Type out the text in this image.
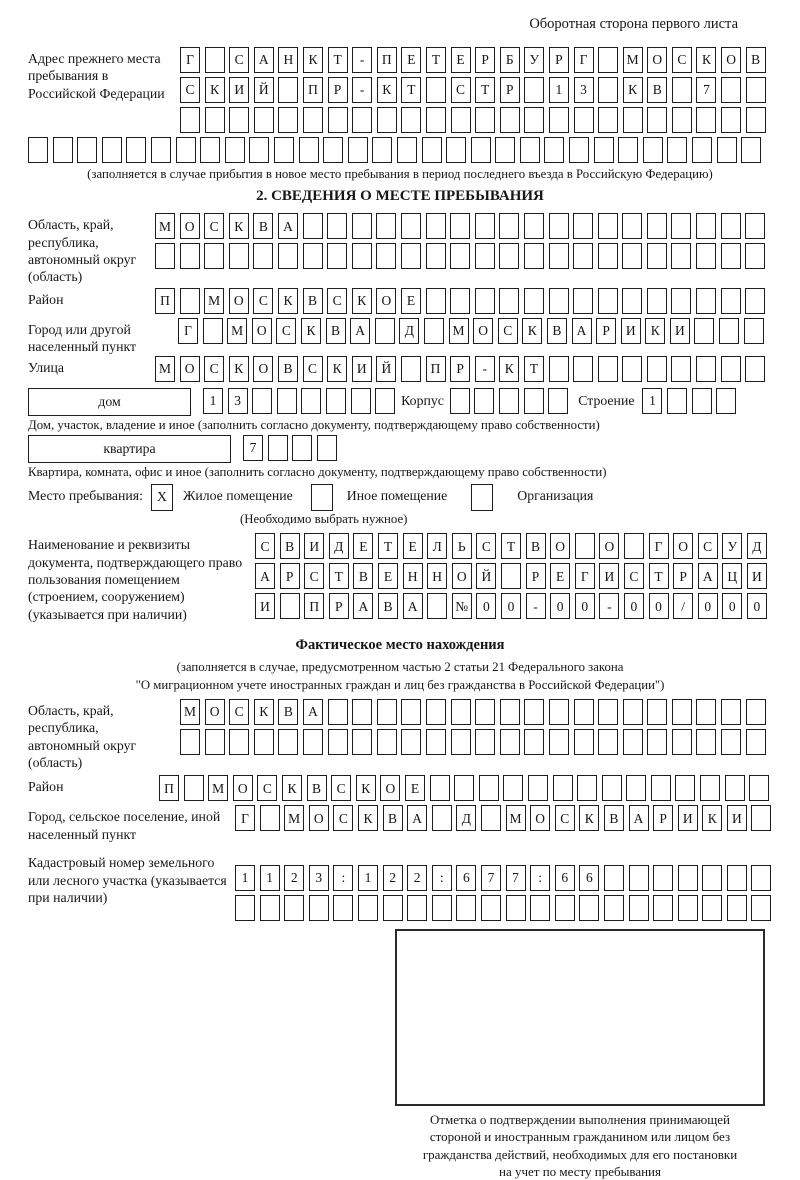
Оборотная сторона первого листа
Адрес прежнего места пребывания в Российской Федерации
Г	С	А	Н	К	Т	-	П	Е	Т	Е	Р	Б	У	Р	Г	М	О	С	К	О	В
С	К	И	Й	П	Р	-	К	Т	С	Т	Р	1	3	К	В	7
(заполняется в случае прибытия в новое место пребывания в период последнего въезда в Российскую Федерацию)
2. СВЕДЕНИЯ О МЕСТЕ ПРЕБЫВАНИЯ
Область, край, республика, автономный округ (область)
М	О	С	К	В	А
Район	П	М	О	С	К	В	С	К	О	Е
Город или другой населенный пункт
Г	М	О	С	К	В	А	Д	М	О	С	К	В	А	Р	И	К	И
Улица	М	О	С	К	О	В	С	К	И	Й	П	Р	-	К	Т
дом	1	3	Корпус	Строение	1
Дом, участок, владение и иное (заполнить согласно документу, подтверждающему право собственности)
квартира	7
Квартира, комната, офис и иное (заполнить согласно документу, подтверждающему право собственности)
Место пребывания: X	Жилое помещение	Иное помещение	Организация
(Необходимо выбрать нужное)
Наименование и реквизиты документа, подтверждающего право пользования помещением (строением, сооружением) (указывается при наличии)
С	В	И	Д	Е	Т	Е	Л	Ь	С	Т	В	О	О	Г	О	С	У	Д
А	Р	С	Т	В	Е	Н	Н	О	Й	Р	Е	Г	И	С	Т	Р	А	Ц	И
И	П	Р	А	В	А	№	0	0	-	0	0	-	0	0	/	0	0	0
Фактическое место нахождения
(заполняется в случае, предусмотренном частью 2 статьи 21 Федерального закона
"О миграционном учете иностранных граждан и лиц без гражданства в Российской Федерации")
Область, край, республика, автономный округ (область)
М	О	С	К	В	А
Район	П	М	О	С	К	В	С	К	О	Е
Город, сельское поселение, иной населенный пункт
Г	М	О	С	К	В	А	Д	М	О	С	К	В	А	Р	И	К	И
Кадастровый номер земельного или лесного участка (указывается при наличии)
1	1	2	3	:	1	2	2	:	6	7	7	:	6	6
Отметка о подтверждении выполнения принимающей
стороной и иностранным гражданином или лицом без
гражданства действий, необходимых для его постановки
на учет по месту пребывания
